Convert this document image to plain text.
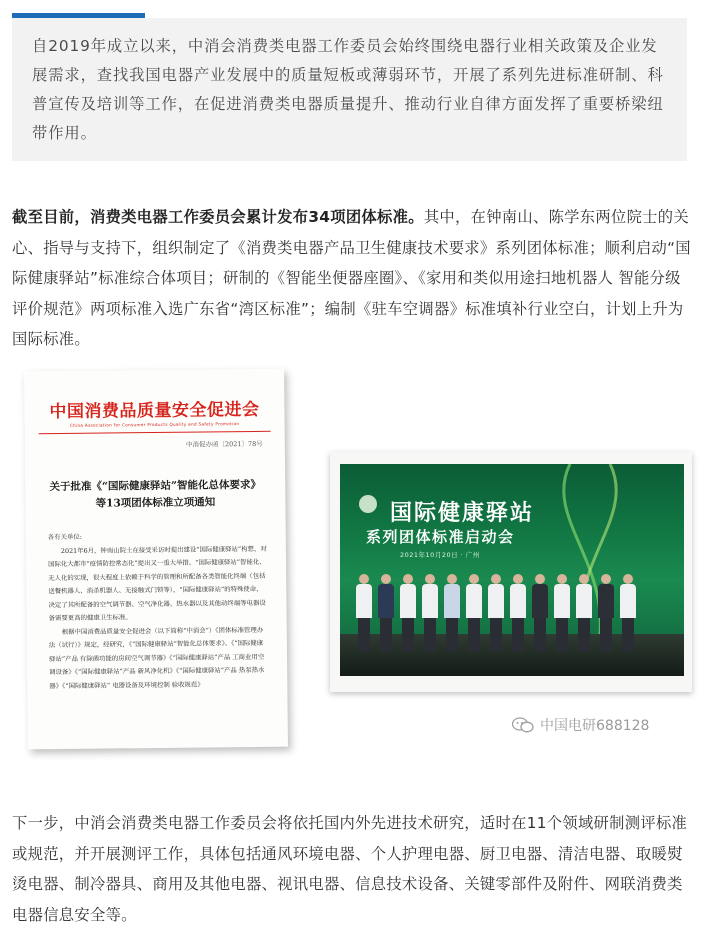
自2019年成立以来，中消会消费类电器工作委员会始终围绕电器行业相关政策及企业发展需求，查找我国电器产业发展中的质量短板或薄弱环节，开展了系列先进标准研制、科普宣传及培训等工作，在促进消费类电器质量提升、推动行业自律方面发挥了重要桥梁纽带作用。

截至目前，消费类电器工作委员会累计发布34项团体标准。其中，在钟南山、陈学东两位院士的关心、指导与支持下，组织制定了《消费类电器产品卫生健康技术要求》系列团体标准；顺利启动“国际健康驿站”标准综合体项目；研制的《智能坐便器座圈》、《家用和类似用途扫地机器人 智能分级评价规范》两项标准入选广东省“湾区标准”；编制《驻车空调器》标准填补行业空白，计划上升为国际标准。

中国消费品质量安全促进会
China Association for Consumer Products Quality and Safety Promotion
中消促办函〔2021〕78号
关于批准《“国际健康驿站”智能化总体要求》
等13项团体标准立项通知
各有关单位:
2021年6月，钟南山院士在接受采访时提出建设“国际健康驿站”构想，对国际化大都市“疫情防控常态化”提出又一重大举措。“国际健康驿站”智能化、无人化的实现，很大程度上依赖于科学的管理和所配备各类智能化终端（包括送餐机器人、消杀机器人、无接触式门锁等），“国际健康驿站”的特殊使命，决定了其所配备的空气调节器、空气净化器、热水器以及其他动终端等电器设备需要更高的健康卫生标准。
根据中国消费品质量安全促进会（以下简称“中消会”）《团体标准管理办法（试行）》规定，经研究，《“国际健康驿站”智能化总体要求》、《“国际健康驿站”产品 有除菌功能的房间空气调节器》《“国际健康驿站”产品 工商业用空调设备》《“国际健康驿站”产品 新风净化机》《“国际健康驿站”产品 热泵热水器》《“国际健康驿站” 电器设备及环境控制 验收规范》
国际健康驿站
系列团体标准启动会
2021年10月20日 · 广州
中国电研688128

下一步，中消会消费类电器工作委员会将依托国内外先进技术研究，适时在11个领域研制测评标准或规范，并开展测评工作，具体包括通风环境电器、个人护理电器、厨卫电器、清洁电器、取暖熨烫电器、制冷器具、商用及其他电器、视讯电器、信息技术设备、关键零部件及附件、网联消费类电器信息安全等。
